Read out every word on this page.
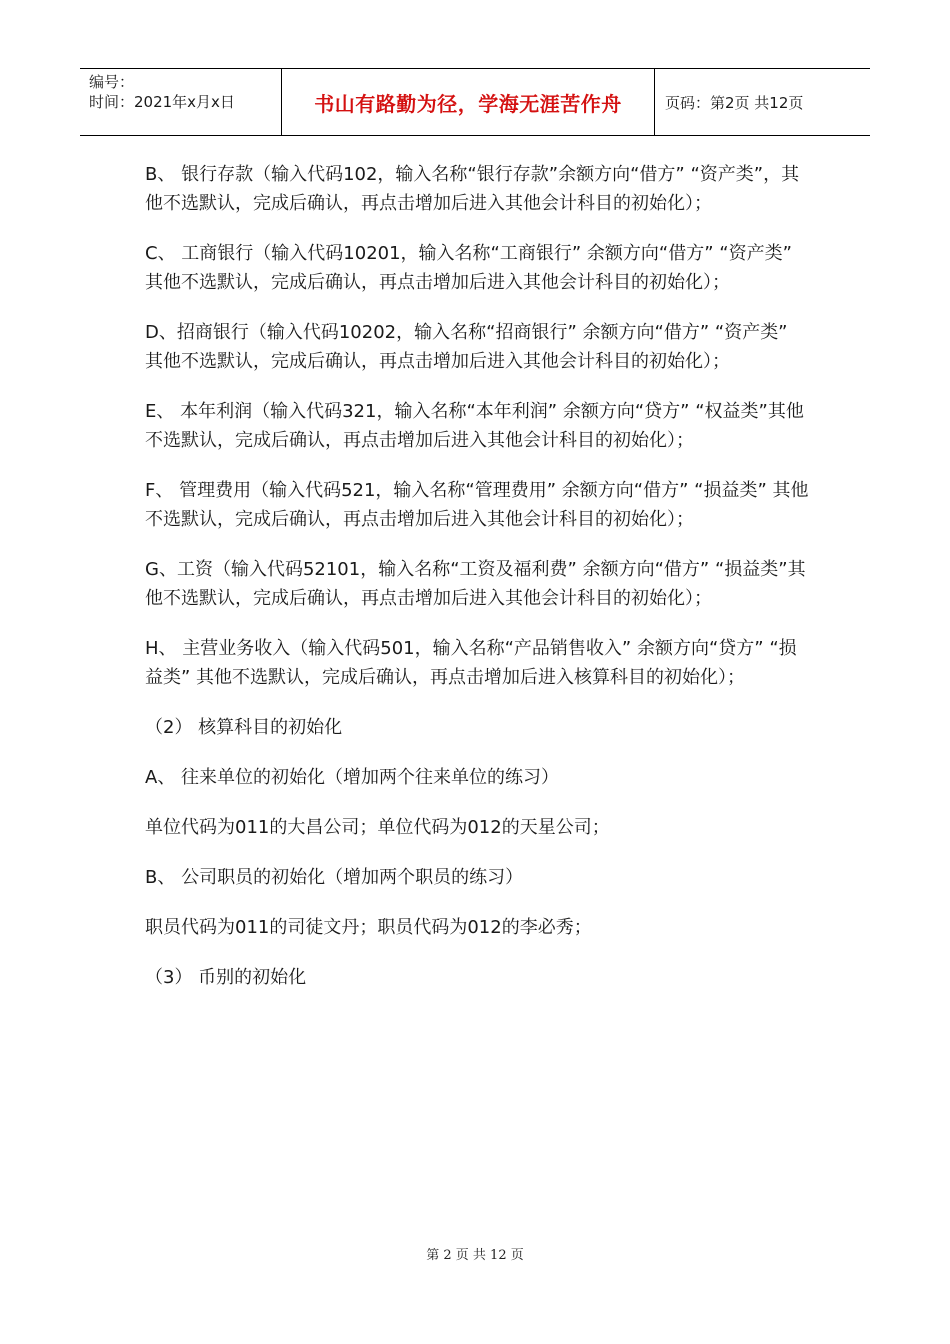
编号：
时间：2021年x月x日	书山有路勤为径，学海无涯苦作舟	页码：第2页 共12页

B、 银行存款（输入代码102，输入名称“银行存款”余额方向“借方” “资产类”，其他不选默认，完成后确认，再点击增加后进入其他会计科目的初始化）；

C、 工商银行（输入代码10201，输入名称“工商银行” 余额方向“借方” “资产类” 其他不选默认，完成后确认，再点击增加后进入其他会计科目的初始化）；

D、招商银行（输入代码10202，输入名称“招商银行” 余额方向“借方” “资产类” 其他不选默认，完成后确认，再点击增加后进入其他会计科目的初始化）；

E、 本年利润（输入代码321，输入名称“本年利润” 余额方向“贷方” “权益类”其他不选默认，完成后确认，再点击增加后进入其他会计科目的初始化）；

F、 管理费用（输入代码521，输入名称“管理费用” 余额方向“借方” “损益类” 其他不选默认，完成后确认，再点击增加后进入其他会计科目的初始化）；

G、工资（输入代码52101，输入名称“工资及福利费” 余额方向“借方” “损益类”其他不选默认，完成后确认，再点击增加后进入其他会计科目的初始化）；

H、 主营业务收入（输入代码501，输入名称“产品销售收入” 余额方向“贷方” “损益类” 其他不选默认，完成后确认，再点击增加后进入核算科目的初始化）；

（2） 核算科目的初始化

A、 往来单位的初始化（增加两个往来单位的练习）

单位代码为011的大昌公司；单位代码为012的天星公司；

B、 公司职员的初始化（增加两个职员的练习）

职员代码为011的司徒文丹；职员代码为012的李必秀；

（3） 币别的初始化

第 2 页 共 12 页
